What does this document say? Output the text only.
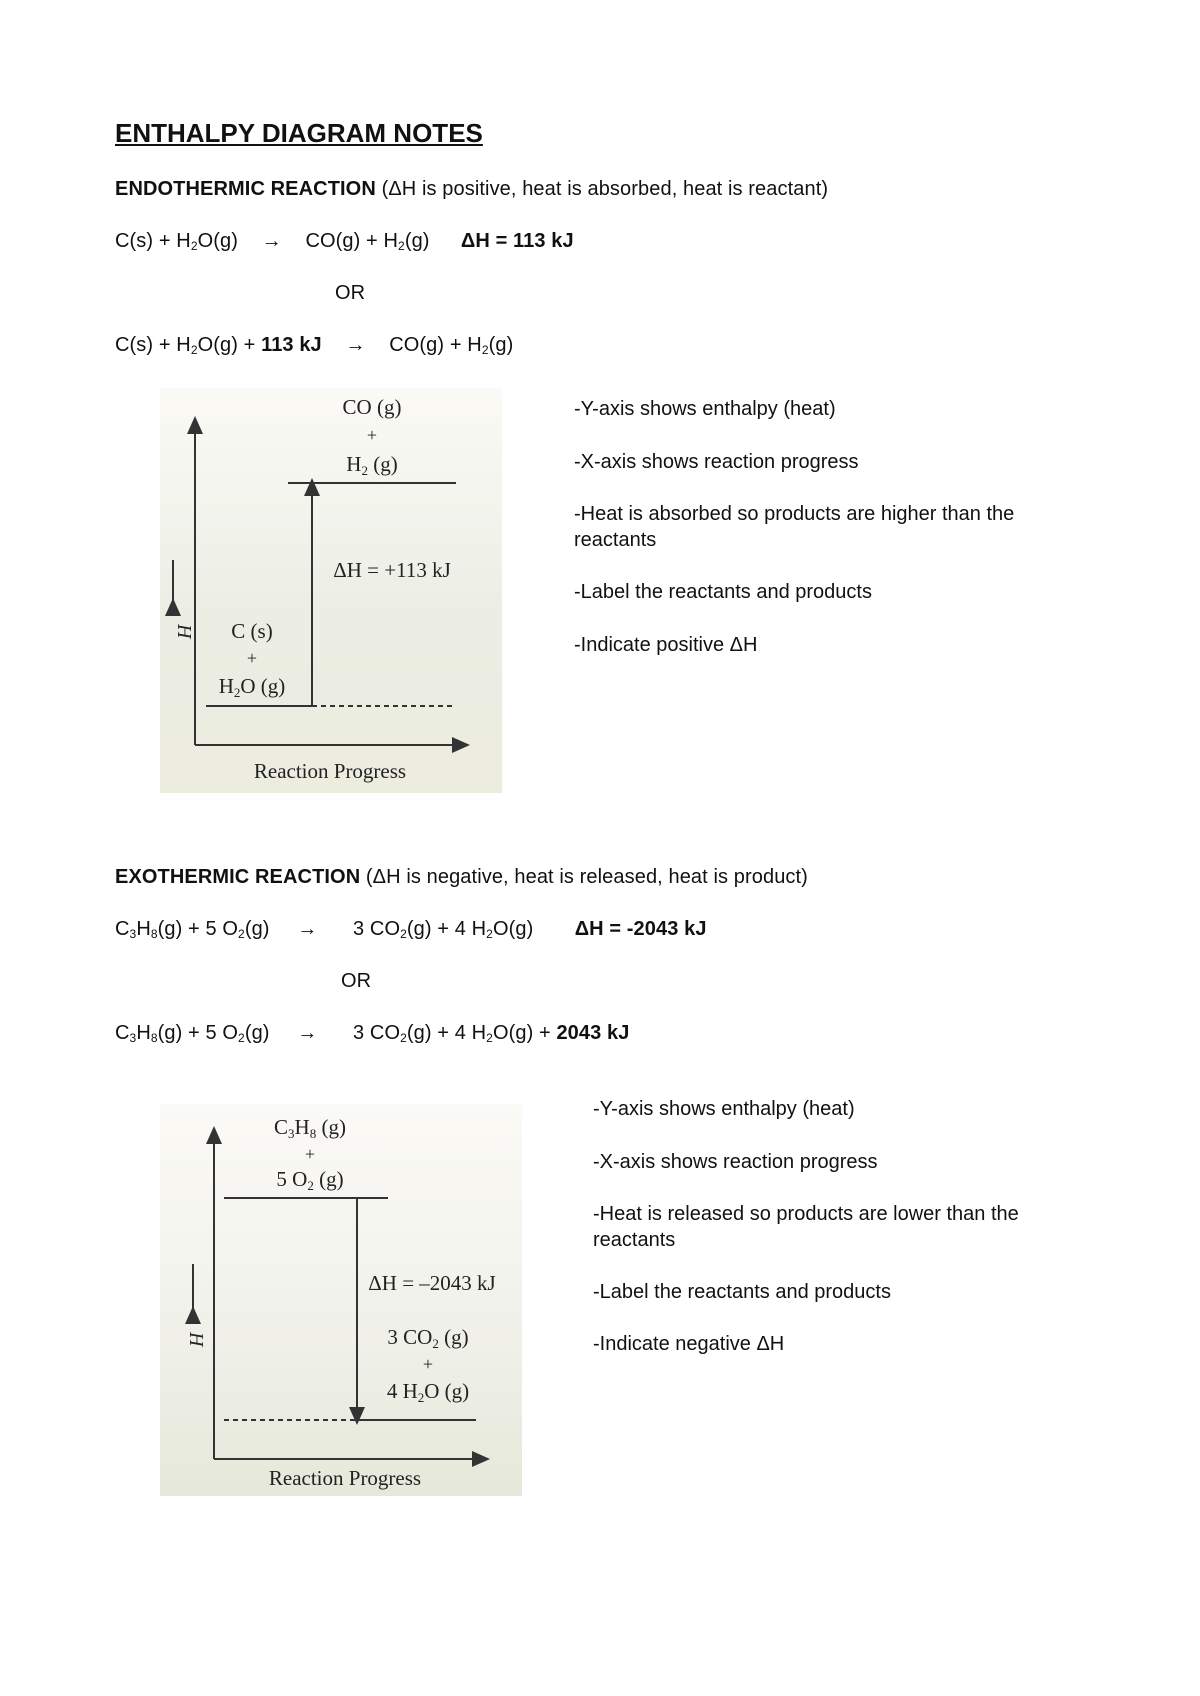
ENTHALPY DIAGRAM NOTES
ENDOTHERMIC REACTION (ΔH is positive, heat is absorbed, heat is reactant)
$C(s) + H_2O(g) \to CO(g) + H_2(g) \Delta H = 113$ kJ
OR
$C(s) + H_2O(g) + 113$ kJ → $CO(g) + H_2(g)$
H
CO (g)
+
H2 (g)
ΔH = +113 kJ
C (s)
+
H2O (g)
Reaction Progress
-Y-axis shows enthalpy (heat)
-X-axis shows reaction progress
-Heat is absorbed so products are higher than the reactants
-Label the reactants and products
-Indicate positive ΔH
EXOTHERMIC REACTION (ΔH is negative, heat is released, heat is product)
$C_3H_8(g) + 5$ $O_2(g) \to 3$ $CO_2(g) + 4$ $H_2O(g) \Delta H = -2043$ kJ
OR
$C_3H_8(g) + 5$ $O_2(g) \to 3$ $CO_2(g) + 4$ $H_2O(g) + 2043$ kJ
H
C3H8 (g)
+
5 O2 (g)
ΔH = –2043 kJ
3 CO2 (g)
+
4 H2O (g)
Reaction Progress
-Y-axis shows enthalpy (heat)
-X-axis shows reaction progress
-Heat is released so products are lower than the reactants
-Label the reactants and products
-Indicate negative ΔH
